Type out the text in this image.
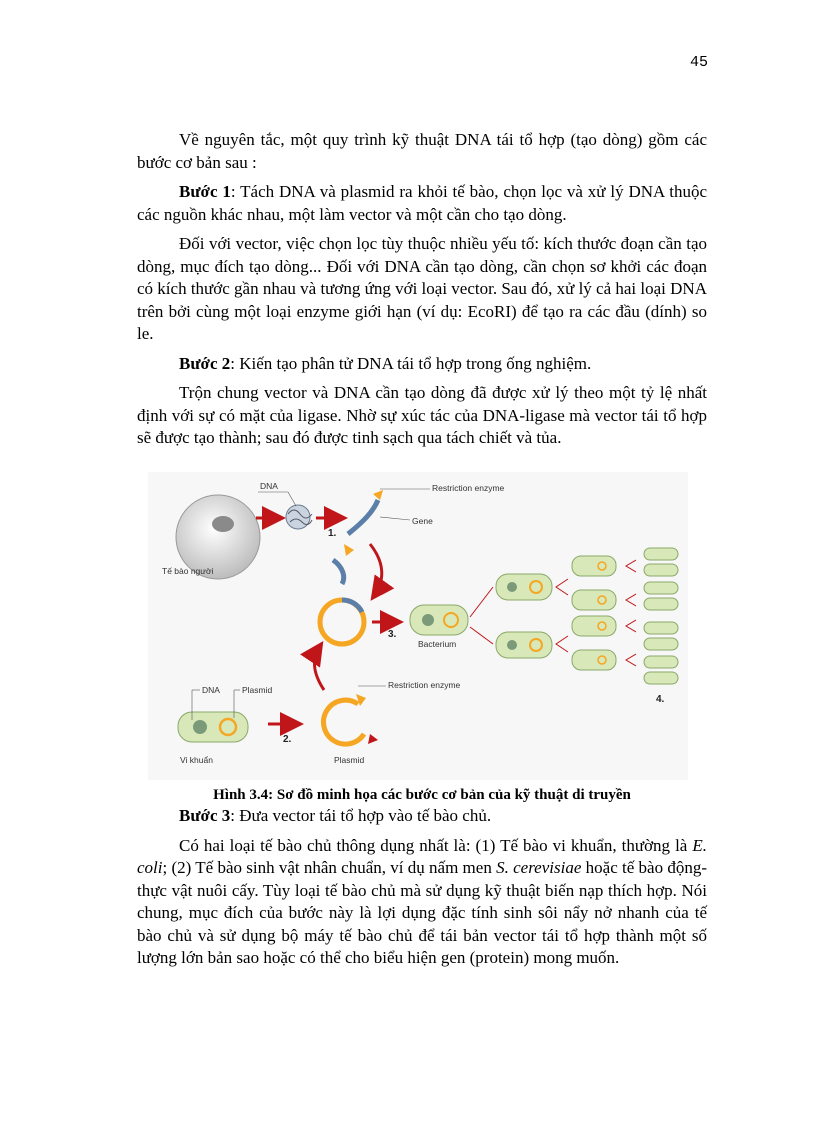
45

Về nguyên tắc, một quy trình kỹ thuật DNA tái tổ hợp (tạo dòng) gồm các bước cơ bản sau :

Bước 1: Tách DNA và plasmid ra khỏi tế bào, chọn lọc và xử lý DNA thuộc các nguồn khác nhau, một làm vector và một cần cho tạo dòng.

Đối với vector, việc chọn lọc tùy thuộc nhiều yếu tố: kích thước đoạn cần tạo dòng, mục đích tạo dòng... Đối với DNA cần tạo dòng, cần chọn sơ khởi các đoạn có kích thước gần nhau và tương ứng với loại vector. Sau đó, xử lý cả hai loại DNA trên bởi cùng một loại enzyme giới hạn (ví dụ: EcoRI) để tạo ra các đầu (dính) so le.

Bước 2: Kiến tạo phân tử DNA tái tổ hợp trong ống nghiệm.

Trộn chung vector và DNA cần tạo dòng đã được xử lý theo một tỷ lệ nhất định với sự có mặt của ligase. Nhờ sự xúc tác của DNA-ligase mà vector tái tổ hợp sẽ được tạo thành; sau đó được tinh sạch qua tách chiết và tủa.

Tế bào người
DNA
1.
Restriction enzyme
Gene
3.
Bacterium
4.
DNA	Plasmid
Vi khuẩn
2.
Restriction enzyme
Plasmid
Hình 3.4: Sơ đồ minh họa các bước cơ bản của kỹ thuật di truyền

Bước 3: Đưa vector tái tổ hợp vào tế bào chủ.

Có hai loại tế bào chủ thông dụng nhất là: (1) Tế bào vi khuẩn, thường là E. coli; (2) Tế bào sinh vật nhân chuẩn, ví dụ nấm men S. cerevisiae hoặc tế bào động-thực vật nuôi cấy. Tùy loại tế bào chủ mà sử dụng kỹ thuật biến nạp thích hợp. Nói chung, mục đích của bước này là lợi dụng đặc tính sinh sôi nẩy nở nhanh của tế bào chủ và sử dụng bộ máy tế bào chủ để tái bản vector tái tổ hợp thành một số lượng lớn bản sao hoặc có thể cho biểu hiện gen (protein) mong muốn.
